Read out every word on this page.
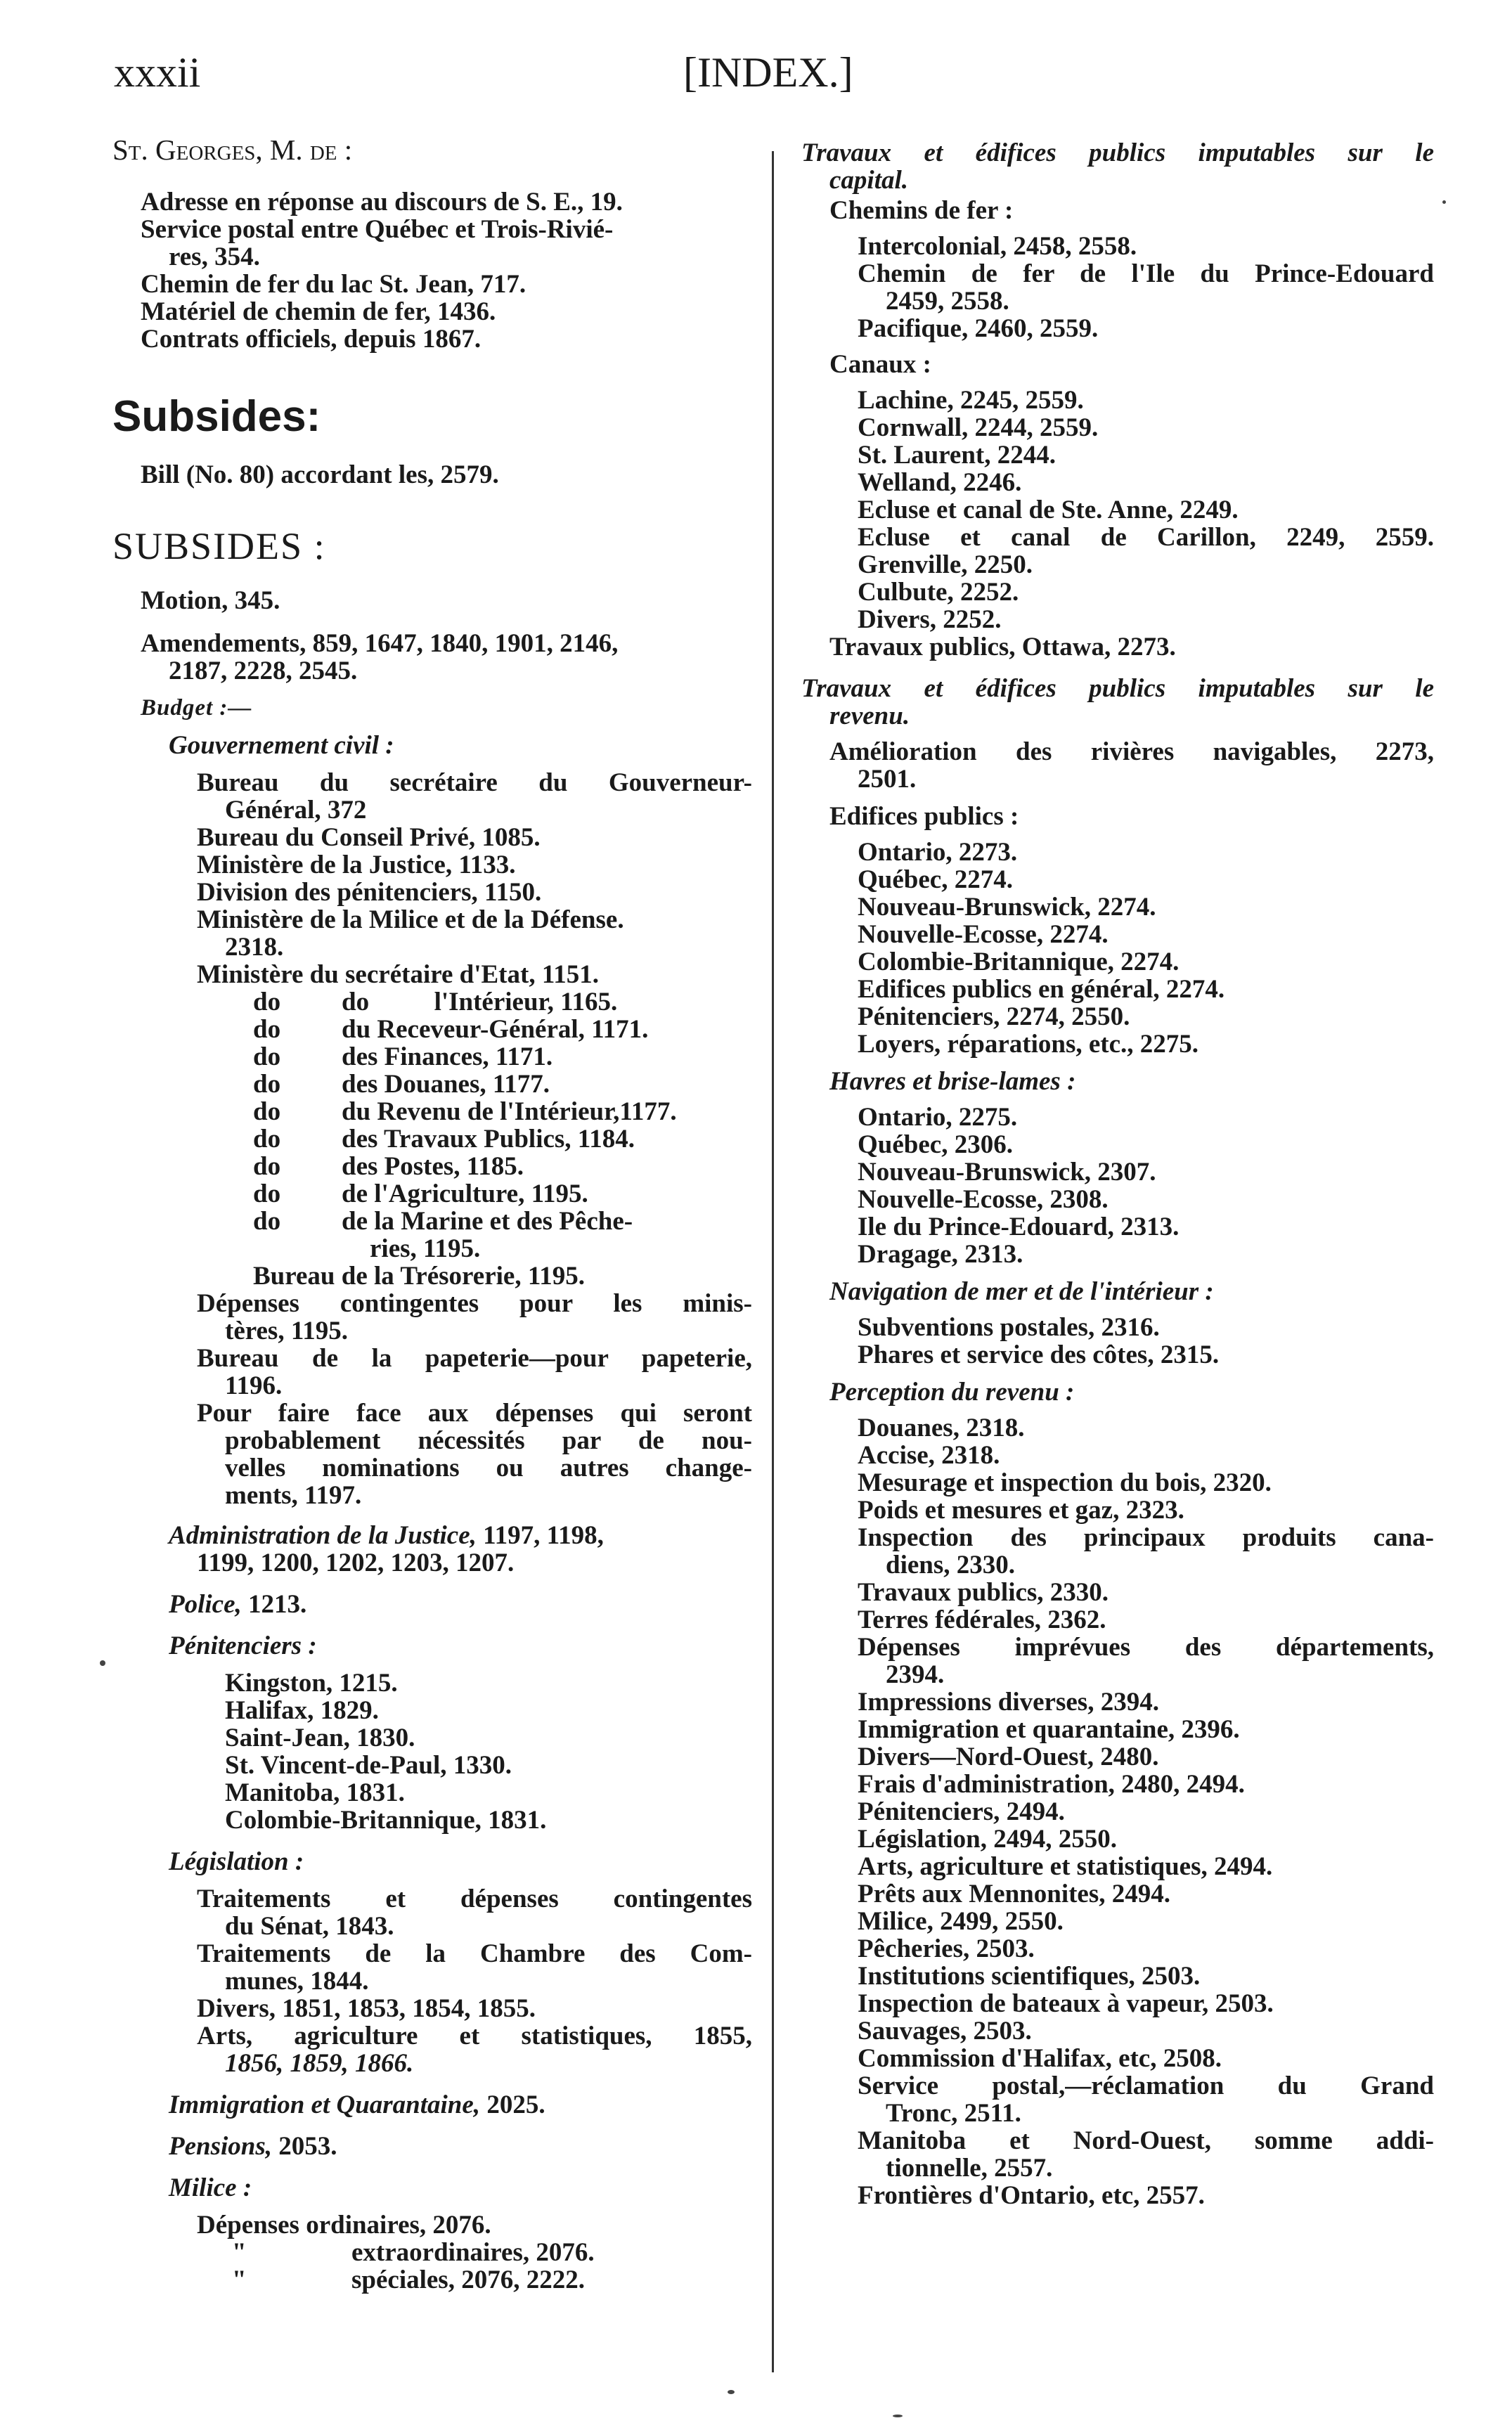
xxxii	[INDEX.]
St. Georges, M. de :
Adresse en réponse au discours de S. E., 19.
Service postal entre Québec et Trois-Rivié-
res, 354.
Chemin de fer du lac St. Jean, 717.
Matériel de chemin de fer, 1436.
Contrats officiels, depuis 1867.
Subsides:
Bill (No. 80) accordant les, 2579.
SUBSIDES :
Motion, 345.
Amendements, 859, 1647, 1840, 1901, 2146,
2187, 2228, 2545.
Budget :—
Gouvernement civil :
Bureau du secrétaire du Gouverneur-
Général, 372
Bureau du Conseil Privé, 1085.
Ministère de la Justice, 1133.
Division des pénitenciers, 1150.
Ministère de la Milice et de la Défense.
2318.
Ministère du secrétaire d'Etat, 1151.
do do          l'Intérieur, 1165.
do du Receveur-Général, 1171.
do des Finances, 1171.
do des Douanes, 1177.
do du Revenu de l'Intérieur,1177.
do des Travaux Publics, 1184.
do des Postes, 1185.
do de l'Agriculture, 1195.
do de la Marine et des Pêche-
ries, 1195.
Bureau de la Trésorerie, 1195.
Dépenses contingentes pour les minis-
tères, 1195.
Bureau de la papeterie—pour papeterie,
1196.
Pour faire face aux dépenses qui seront
probablement nécessités par de nou-
velles nominations ou autres change-
ments, 1197.
Administration de la Justice, 1197, 1198,
1199, 1200, 1202, 1203, 1207.
Police, 1213.
Pénitenciers :
Kingston, 1215.
Halifax, 1829.
Saint-Jean, 1830.
St. Vincent-de-Paul, 1330.
Manitoba, 1831.
Colombie-Britannique, 1831.
Législation :
Traitements et dépenses contingentes
du Sénat, 1843.
Traitements de la Chambre des Com-
munes, 1844.
Divers, 1851, 1853, 1854, 1855.
Arts, agriculture et statistiques, 1855,
1856, 1859, 1866.
Immigration et Quarantaine, 2025.
Pensions, 2053.
Milice :
Dépenses ordinaires, 2076.
"	extraordinaires, 2076.
"	spéciales, 2076, 2222.
Travaux et édifices publics imputables sur le
capital.
Chemins de fer :
Intercolonial, 2458, 2558.
Chemin de fer de l'Ile du Prince-Edouard
2459, 2558.
Pacifique, 2460, 2559.
Canaux :
Lachine, 2245, 2559.
Cornwall, 2244, 2559.
St. Laurent, 2244.
Welland, 2246.
Ecluse et canal de Ste. Anne, 2249.
Ecluse et canal de Carillon, 2249, 2559.
Grenville, 2250.
Culbute, 2252.
Divers, 2252.
Travaux publics, Ottawa, 2273.
Travaux et édifices publics imputables sur le
revenu.
Amélioration des rivières navigables, 2273,
2501.
Edifices publics :
Ontario, 2273.
Québec, 2274.
Nouveau-Brunswick, 2274.
Nouvelle-Ecosse, 2274.
Colombie-Britannique, 2274.
Edifices publics en général, 2274.
Pénitenciers, 2274, 2550.
Loyers, réparations, etc., 2275.
Havres et brise-lames :
Ontario, 2275.
Québec, 2306.
Nouveau-Brunswick, 2307.
Nouvelle-Ecosse, 2308.
Ile du Prince-Edouard, 2313.
Dragage, 2313.
Navigation de mer et de l'intérieur :
Subventions postales, 2316.
Phares et service des côtes, 2315.
Perception du revenu :
Douanes, 2318.
Accise, 2318.
Mesurage et inspection du bois, 2320.
Poids et mesures et gaz, 2323.
Inspection des principaux produits cana-
diens, 2330.
Travaux publics, 2330.
Terres fédérales, 2362.
Dépenses imprévues des départements,
2394.
Impressions diverses, 2394.
Immigration et quarantaine, 2396.
Divers—Nord-Ouest, 2480.
Frais d'administration, 2480, 2494.
Pénitenciers, 2494.
Législation, 2494, 2550.
Arts, agriculture et statistiques, 2494.
Prêts aux Mennonites, 2494.
Milice, 2499, 2550.
Pêcheries, 2503.
Institutions scientifiques, 2503.
Inspection de bateaux à vapeur, 2503.
Sauvages, 2503.
Commission d'Halifax, etc, 2508.
Service postal,—réclamation du Grand
Tronc, 2511.
Manitoba et Nord-Ouest, somme addi-
tionnelle, 2557.
Frontières d'Ontario, etc, 2557.
